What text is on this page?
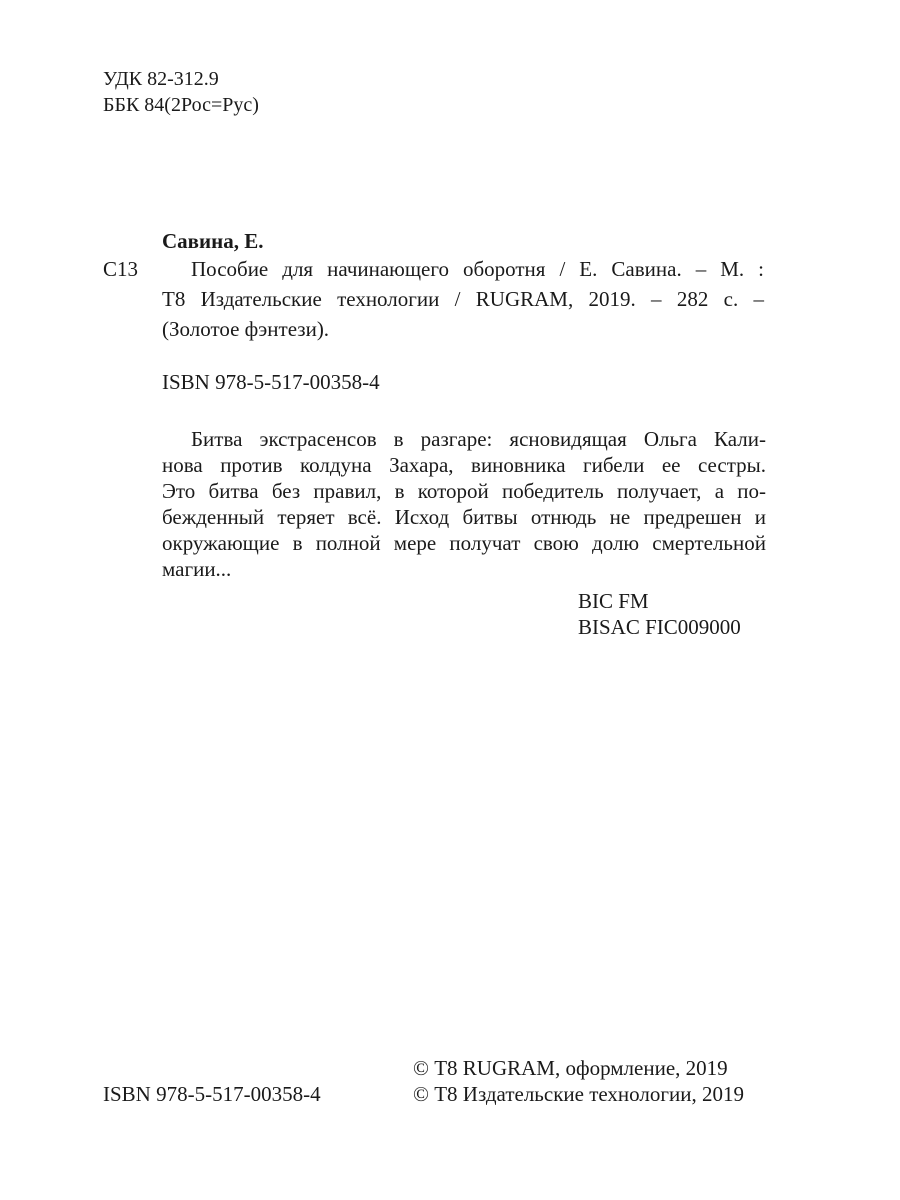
УДК 82-312.9
ББК 84(2Рос=Рус)
Савина, Е.
С13	Пособие для начинающего оборотня / Е. Савина. – М. :
Т8 Издательские технологии / RUGRAM, 2019. – 282 с. –
(Золотое фэнтези).
ISBN 978-5-517-00358-4
Битва экстрасенсов в разгаре: ясновидящая Ольга Кали-
нова против колдуна Захара, виновника гибели ее сестры.
Это битва без правил, в которой победитель получает, а по-
бежденный теряет всё. Исход битвы отнюдь не предрешен и
окружающие в полной мере получат свою долю смертельной
магии...
BIC FM
BISAC FIC009000
© Т8 RUGRAM, оформление, 2019
ISBN 978-5-517-00358-4	© Т8 Издательские технологии, 2019
